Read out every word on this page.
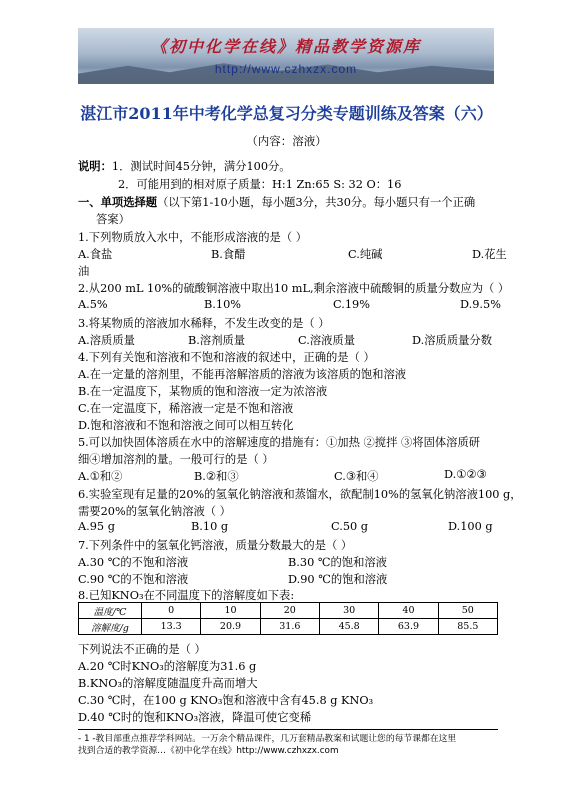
《初中化学在线》精品教学资源库
http://www.czhxzx.com
湛江市2011年中考化学总复习分类专题训练及答案（六）
（内容：溶液）
说明：1．测试时间45分钟，满分100分。
2．可能用到的相对原子质量：H:1 Zn:65 S: 32 O：16
一、单项选择题（以下第1-10小题，每小题3分，共30分。每小题只有一个正确
答案）
1.下列物质放入水中，不能形成溶液的是（ ）
A.食盐	B.食醋	C.纯碱	D.花生
油
2.从200 mL 10%的硫酸铜溶液中取出10 mL,剩余溶液中硫酸铜的质量分数应为（ ）
A.5%	B.10%	C.19%	D.9.5%
3.将某物质的溶液加水稀释，不发生改变的是（ ）
A.溶质质量	B.溶剂质量	C.溶液质量	D.溶质质量分数
4.下列有关饱和溶液和不饱和溶液的叙述中，正确的是（ ）
A.在一定量的溶剂里，不能再溶解溶质的溶液为该溶质的饱和溶液
B.在一定温度下，某物质的饱和溶液一定为浓溶液
C.在一定温度下，稀溶液一定是不饱和溶液
D.饱和溶液和不饱和溶液之间可以相互转化
5.可以加快固体溶质在水中的溶解速度的措施有：①加热 ②搅拌 ③将固体溶质研
细④增加溶剂的量。一般可行的是（ ）
A.①和②	B.②和③	C.③和④	D.①②③
6.实验室现有足量的20%的氢氧化钠溶液和蒸馏水，欲配制10%的氢氧化钠溶液100 g，
需要20%的氢氧化钠溶液（ ）
A.95 g	B.10 g	C.50 g	D.100 g
7.下列条件中的氢氧化钙溶液，质量分数最大的是（ ）
A.30 ℃的不饱和溶液	B.30 ℃的饱和溶液
C.90 ℃的不饱和溶液	D.90 ℃的饱和溶液
8.已知KNO₃在不同温度下的溶解度如下表:
温度/℃	0	10	20	30	40	50
溶解度/g	13.3	20.9	31.6	45.8	63.9	85.5
下列说法不正确的是（ ）
A.20 ℃时KNO₃的溶解度为31.6 g
B.KNO₃的溶解度随温度升高而增大
C.30 ℃时，在100 g KNO₃饱和溶液中含有45.8 g KNO₃
D.40 ℃时的饱和KNO₃溶液，降温可使它变稀
- 1 -教目部重点推荐学科网站。一万余个精品课件，几万套精品教案和试题让您的每节课都在这里
找到合适的教学资源…《初中化学在线》http://www.czhxzx.com
